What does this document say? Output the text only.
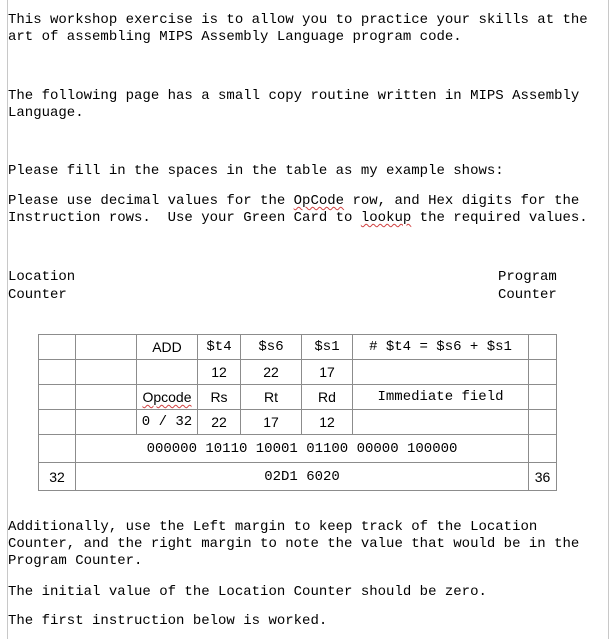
This workshop exercise is to allow you to practice your skills at the
art of assembling MIPS Assembly Language program code.

The following page has a small copy routine written in MIPS Assembly
Language.

Please fill in the spaces in the table as my example shows:

Please use decimal values for the OpCode row, and Hex digits for the
Instruction rows.  Use your Green Card to lookup the required values.

Location
Counter
Program
Counter
		ADD	$t4	$s6	$s1	# $t4 = $s6 + $s1	
			12	22	17		
		Opcode	Rs	Rt	Rd	Immediate field	
		0 / 32	22	17	12		
	000000 10110 10001 01100 00000 100000						
32	02D1 6020						36

Additionally, use the Left margin to keep track of the Location
Counter, and the right margin to note the value that would be in the
Program Counter.

The initial value of the Location Counter should be zero.

The first instruction below is worked.
